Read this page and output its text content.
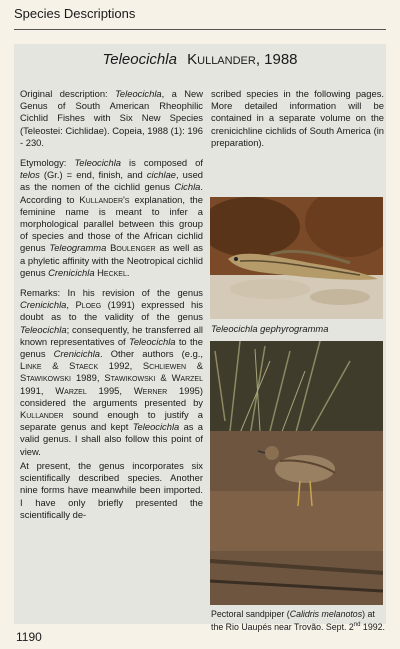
Species Descriptions
Teleocichla Kullander, 1988

Original description: Teleocichla, a New Genus of South American Rheophilic Cichlid Fishes with Six New Species (Teleostei: Cichlidae). Copeia, 1988 (1): 196 - 230.

Etymology: Teleocichla is composed of telos (Gr.) = end, finish, and cichlae, used as the nomen of the cichlid genus Cichla. According to Kullander's explanation, the feminine name is meant to infer a morphological parallel between this group of species and those of the African cichlid genus Teleogramma Boulenger as well as a phyletic affinity with the Neotropical cichlid genus Crenicichla Heckel.

Remarks: In his revision of the genus Crenicichla, Ploeg (1991) expressed his doubt as to the validity of the genus Teleocichla; consequently, he transferred all known representatives of Teleocichla to the genus Crenicichla. Other authors (e.g., Linke & Staeck 1992, Schliewen & Stawikowski 1989, Stawikowski & Warzel 1991, Warzel 1995, Werner 1995) considered the arguments presented by Kullander sound enough to justify a separate genus and kept Teleocichla as a valid genus. I shall also follow this point of view.

At present, the genus incorporates six scientifically described species. Another nine forms have meanwhile been imported. I have only briefly presented the scientifically de-

scribed species in the following pages. More detailed information will be contained in a separate volume on the crenicichline cichlids of South America (in preparation).
Teleocichla gephyrogramma
Pectoral sandpiper (Calidris melanotos) at the Rio Uaupés near Trovão. Sept. 2nd 1992.
1190
